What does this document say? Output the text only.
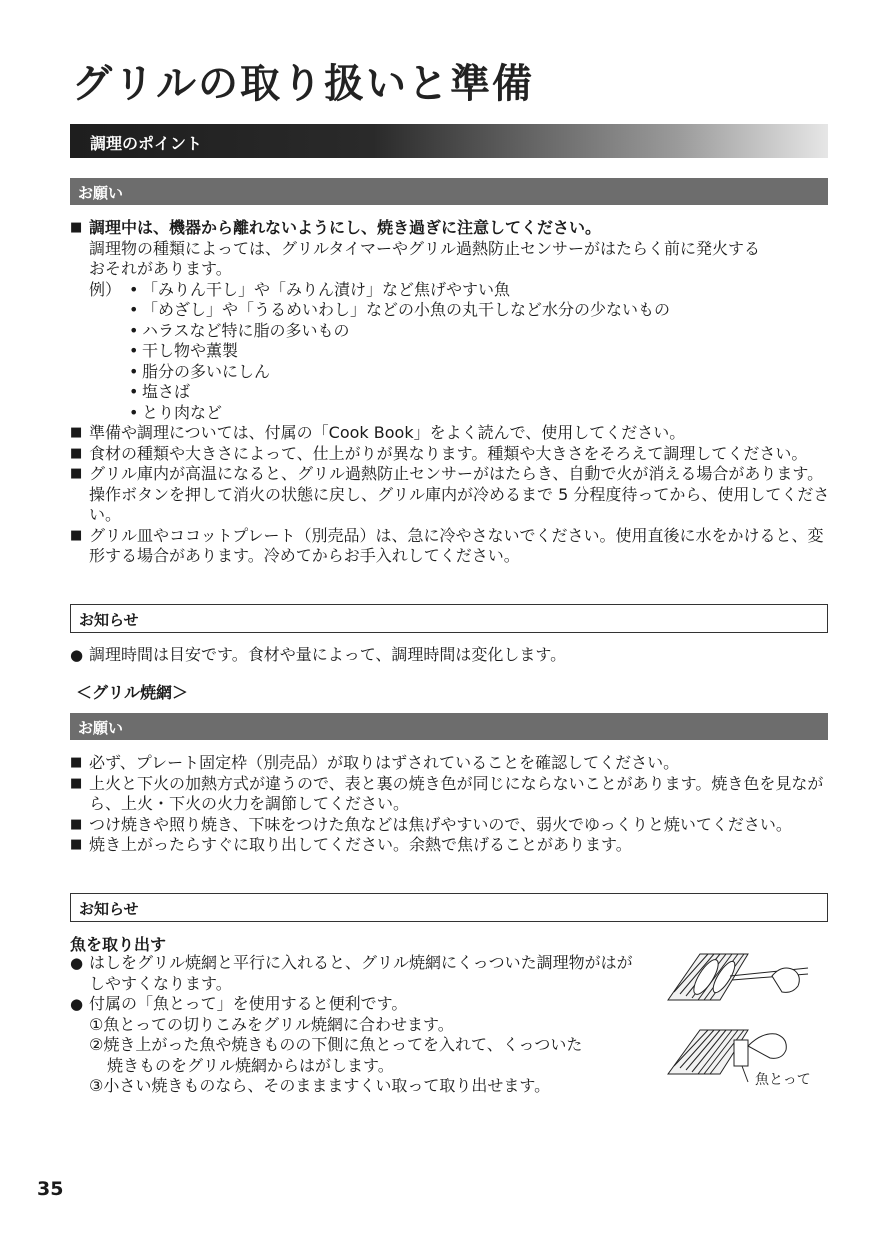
グリルの取り扱いと準備
調理のポイント
お願い
■ 調理中は、機器から離れないようにし、焼き過ぎに注意してください。
調理物の種類によっては、グリルタイマーやグリル過熱防止センサーがはたらく前に発火する
おそれがあります。
例）
•	「みりん干し」や「みりん漬け」など焦げやすい魚
• 「めざし」や「うるめいわし」などの小魚の丸干しなど水分の少ないもの
• ハラスなど特に脂の多いもの
• 干し物や薫製
• 脂分の多いにしん
• 塩さば
• とり肉など
■ 準備や調理については、付属の「Cook Book」をよく読んで、使用してください。
■ 食材の種類や大きさによって、仕上がりが異なります。種類や大きさをそろえて調理してください。
■ グリル庫内が高温になると、グリル過熱防止センサーがはたらき、自動で火が消える場合があります。操作ボタンを押して消火の状態に戻し、グリル庫内が冷めるまで 5 分程度待ってから、使用してください。
■ グリル皿やココットプレート（別売品）は、急に冷やさないでください。使用直後に水をかけると、変形する場合があります。冷めてからお手入れしてください。
お知らせ
● 調理時間は目安です。食材や量によって、調理時間は変化します。
＜グリル焼網＞
お願い
■ 必ず、プレート固定枠（別売品）が取りはずされていることを確認してください。
■ 上火と下火の加熱方式が違うので、表と裏の焼き色が同じにならないことがあります。焼き色を見ながら、上火・下火の火力を調節してください。
■ つけ焼きや照り焼き、下味をつけた魚などは焦げやすいので、弱火でゆっくりと焼いてください。
■ 焼き上がったらすぐに取り出してください。余熱で焦げることがあります。
お知らせ
魚を取り出す
● はしをグリル焼網と平行に入れると、グリル焼網にくっついた調理物がはがしやすくなります。
● 付属の「魚とって」を使用すると便利です。
①魚とっての切りこみをグリル焼網に合わせます。
②焼き上がった魚や焼きものの下側に魚とってを入れて、くっついた
焼きものをグリル焼網からはがします。
③小さい焼きものなら、そのままますくい取って取り出せます。	魚とって
35
